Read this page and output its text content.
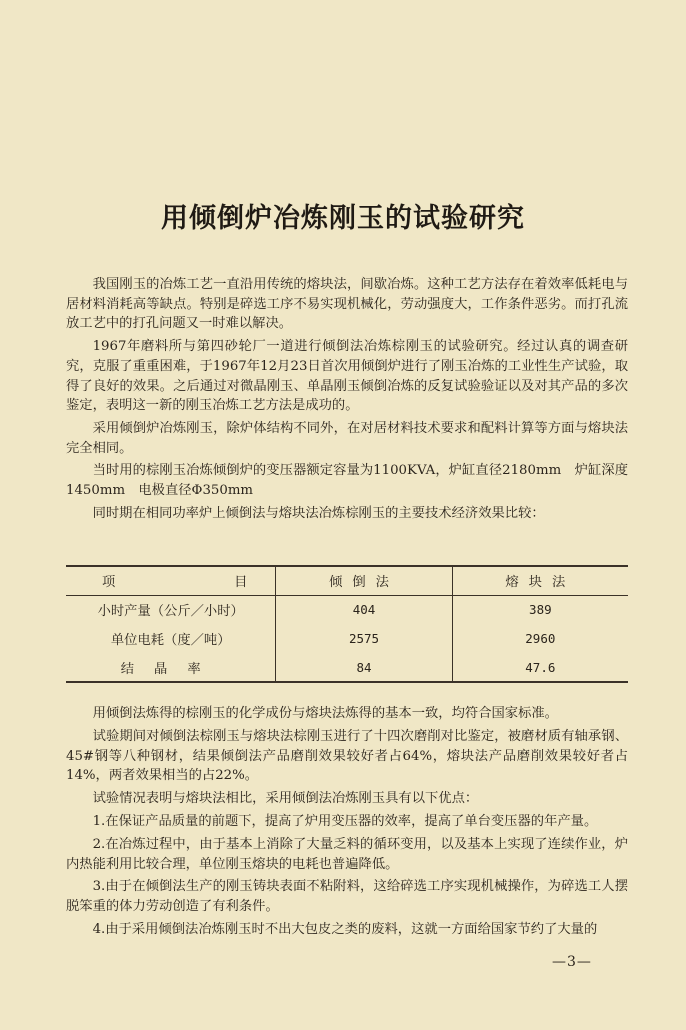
用倾倒炉冶炼刚玉的试验研究

我国刚玉的冶炼工艺一直沿用传统的熔块法，间歇冶炼。这种工艺方法存在着效率低耗电与居材料消耗高等缺点。特别是碎选工序不易实现机械化，劳动强度大，工作条件恶劣。而打孔流放工艺中的打孔问题又一时难以解决。

1967年磨料所与第四砂轮厂一道进行倾倒法冶炼棕刚玉的试验研究。经过认真的调查研究，克服了重重困难，于1967年12月23日首次用倾倒炉进行了刚玉冶炼的工业性生产试验，取得了良好的效果。之后通过对微晶刚玉、单晶刚玉倾倒冶炼的反复试验验证以及对其产品的多次鉴定，表明这一新的刚玉冶炼工艺方法是成功的。

采用倾倒炉冶炼刚玉，除炉体结构不同外，在对居材料技术要求和配料计算等方面与熔块法完全相同。

当时用的棕刚玉冶炼倾倒炉的变压器额定容量为1100KVA，炉缸直径2180mm　炉缸深度1450mm　电极直径Φ350mm

同时期在相同功率炉上倾倒法与熔块法冶炼棕刚玉的主要技术经济效果比较：

项 目	倾倒法	熔块法
小时产量（公斤／小时）	404	389
单位电耗（度／吨）	2575	2960
结晶率	84	47.6

用倾倒法炼得的棕刚玉的化学成份与熔块法炼得的基本一致，均符合国家标准。

试验期间对倾倒法棕刚玉与熔块法棕刚玉进行了十四次磨削对比鉴定，被磨材质有轴承钢、45#钢等八种钢材，结果倾倒法产品磨削效果较好者占64%，熔块法产品磨削效果较好者占14%，两者效果相当的占22%。

试验情况表明与熔块法相比，采用倾倒法冶炼刚玉具有以下优点：

1.在保证产品质量的前题下，提高了炉用变压器的效率，提高了单台变压器的年产量。

2.在冶炼过程中，由于基本上消除了大量乏料的循环变用，以及基本上实现了连续作业，炉内热能利用比较合理，单位刚玉熔块的电耗也普遍降低。

3.由于在倾倒法生产的刚玉铸块表面不粘附料，这给碎选工序实现机械操作，为碎选工人摆脱笨重的体力劳动创造了有利条件。

4.由于采用倾倒法冶炼刚玉时不出大包皮之类的废料，这就一方面给国家节约了大量的

—3—
